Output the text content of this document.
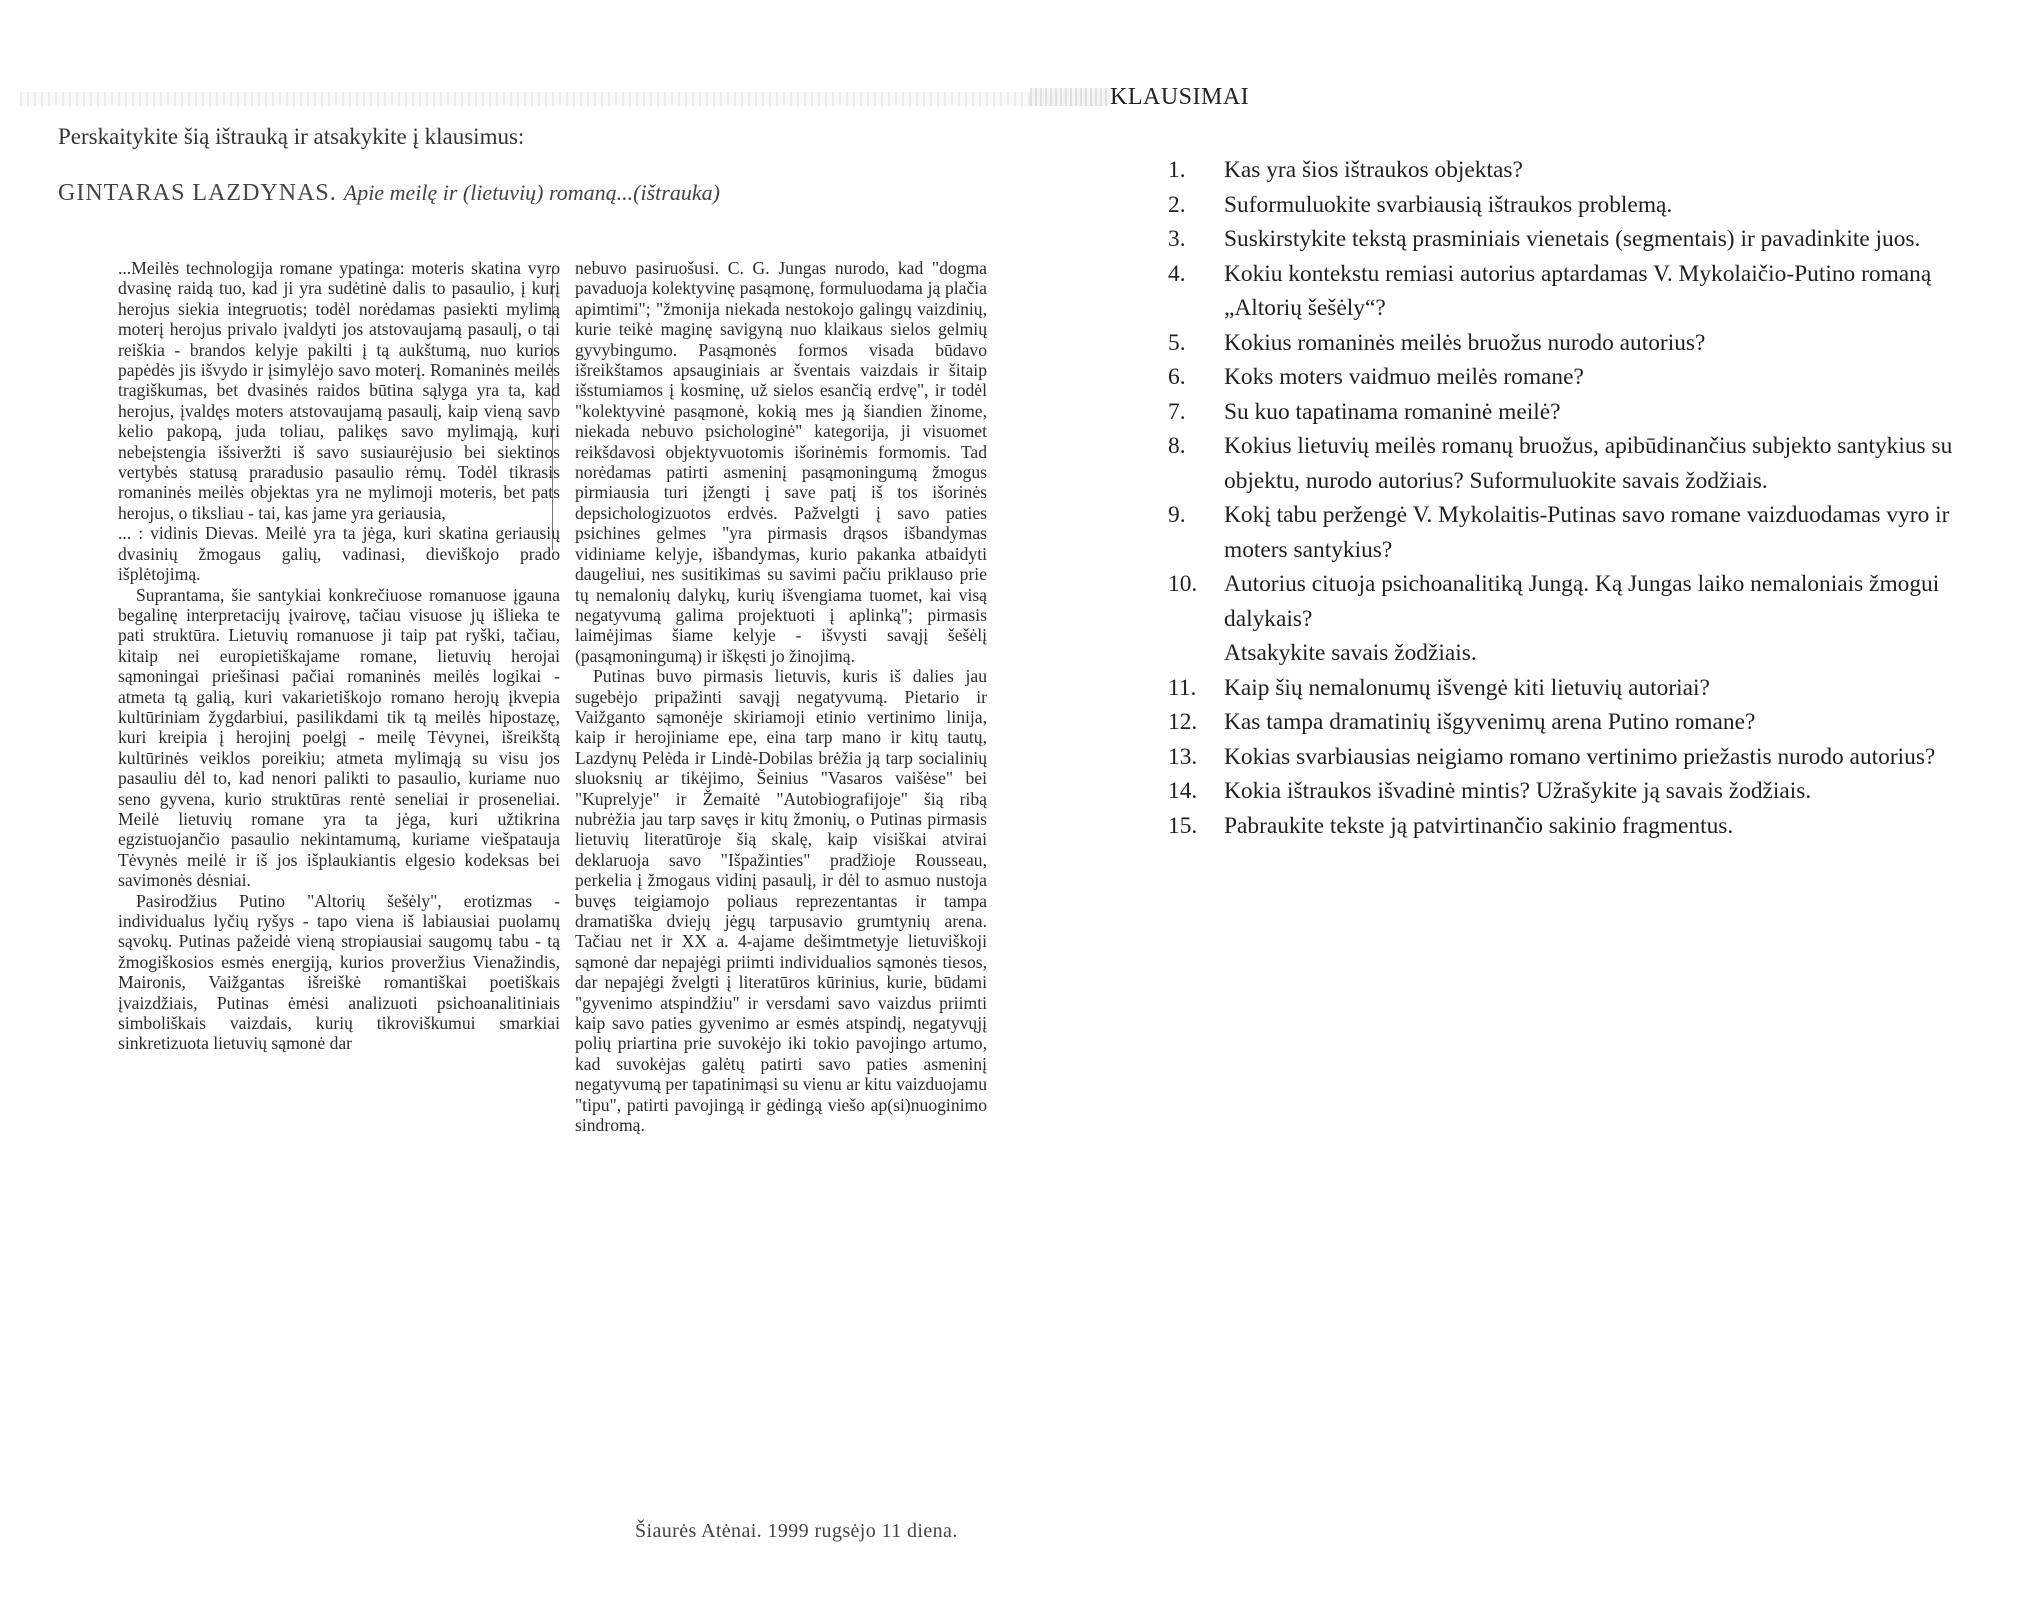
Perskaitykite šią ištrauką ir atsakykite į klausimus:
GINTARAS LAZDYNAS. Apie meilę ir (lietuvių) romaną...(ištrauka)

...Meilės technologija romane ypatinga: moteris skatina vyro dvasinę raidą tuo, kad ji yra sudėtinė dalis to pasaulio, į kurį herojus siekia integruotis; todėl norėdamas pasiekti mylimą moterį herojus privalo įvaldyti jos atstovaujamą pasaulį, o tai reiškia - brandos kelyje pakilti į tą aukštumą, nuo kurios papėdės jis išvydo ir įsimylėjo savo moterį. Romaninės meilės tragiškumas, bet dvasinės raidos būtina sąlyga yra ta, kad herojus, įvaldęs moters atstovaujamą pasaulį, kaip vieną savo kelio pakopą, juda toliau, palikęs savo mylimąją, kuri nebeįstengia išsiveržti iš savo susiaurėjusio bei siektinos vertybės statusą praradusio pasaulio rėmų. Todėl tikrasis romaninės meilės objektas yra ne mylimoji moteris, bet pats herojus, o tiksliau - tai, kas jame yra geriausia,

... : vidinis Dievas. Meilė yra ta jėga, kuri skatina geriausių dvasinių žmogaus galių, vadinasi, dieviškojo prado išplėtojimą.

Suprantama, šie santykiai konkrečiuose romanuose įgauna begalinę interpretacijų įvairovę, tačiau visuose jų išlieka te pati struktūra. Lietuvių romanuose ji taip pat ryški, tačiau, kitaip nei europietiškajame romane, lietuvių herojai sąmoningai priešinasi pačiai romaninės meilės logikai - atmeta tą galią, kuri vakarietiškojo romano herojų įkvepia kultūriniam žygdarbiui, pasilikdami tik tą meilės hipostazę, kuri kreipia į herojinį poelgį - meilę Tėvynei, išreikštą kultūrinės veiklos poreikiu; atmeta mylimąją su visu jos pasauliu dėl to, kad nenori palikti to pasaulio, kuriame nuo seno gyvena, kurio struktūras rentė seneliai ir proseneliai. Meilė lietuvių romane yra ta jėga, kuri užtikrina egzistuojančio pasaulio nekintamumą, kuriame viešpatauja Tėvynės meilė ir iš jos išplaukiantis elgesio kodeksas bei savimonės dėsniai.

Pasirodžius Putino "Altorių šešėly", erotizmas - individualus lyčių ryšys - tapo viena iš labiausiai puolamų sąvokų. Putinas pažeidė vieną stropiausiai saugomų tabu - tą žmogiškosios esmės energiją, kurios proveržius Vienažindis, Maironis, Vaižgantas išreiškė romantiškai poetiškais įvaizdžiais, Putinas ėmėsi analizuoti psichoanalitiniais simboliškais vaizdais, kurių tikroviškumui smarkiai sinkretizuota lietuvių sąmonė dar

nebuvo pasiruošusi. C. G. Jungas nurodo, kad "dogma pavaduoja kolektyvinę pasąmonę, formuluodama ją plačia apimtimi"; "žmonija niekada nestokojo galingų vaizdinių, kurie teikė maginę savigyną nuo klaikaus sielos gelmių gyvybingumo. Pasąmonės formos visada būdavo išreikštamos apsauginiais ar šventais vaizdais ir šitaip išstumiamos į kosminę, už sielos esančią erdvę", ir todėl "kolektyvinė pasąmonė, kokią mes ją šiandien žinome, niekada nebuvo psichologinė" kategorija, ji visuomet reikšdavosi objektyvuotomis išorinėmis formomis. Tad norėdamas patirti asmeninį pasąmoningumą žmogus pirmiausia turi įžengti į save patį iš tos išorinės depsichologizuotos erdvės. Pažvelgti į savo paties psichines gelmes "yra pirmasis drąsos išbandymas vidiniame kelyje, išbandymas, kurio pakanka atbaidyti daugeliui, nes susitikimas su savimi pačiu priklauso prie tų nemalonių dalykų, kurių išvengiama tuomet, kai visą negatyvumą galima projektuoti į aplinką"; pirmasis laimėjimas šiame kelyje - išvysti savąjį šešėlį (pasąmoningumą) ir iškęsti jo žinojimą.

Putinas buvo pirmasis lietuvis, kuris iš dalies jau sugebėjo pripažinti savąjį negatyvumą. Pietario ir Vaižganto sąmonėje skiriamoji etinio vertinimo linija, kaip ir herojiniame epe, eina tarp mano ir kitų tautų, Lazdynų Pelėda ir Lindė-Dobilas brėžia ją tarp socialinių sluoksnių ar tikėjimo, Šeinius "Vasaros vaišėse" bei "Kuprelyje" ir Žemaitė "Autobiografijoje" šią ribą nubrėžia jau tarp savęs ir kitų žmonių, o Putinas pirmasis lietuvių literatūroje šią skalę, kaip visiškai atvirai deklaruoja savo "Išpažinties" pradžioje Rousseau, perkelia į žmogaus vidinį pasaulį, ir dėl to asmuo nustoja buvęs teigiamojo poliaus reprezentantas ir tampa dramatiška dviejų jėgų tarpusavio grumtynių arena. Tačiau net ir XX a. 4-ajame dešimtmetyje lietuviškoji sąmonė dar nepajėgi priimti individualios sąmonės tiesos, dar nepajėgi žvelgti į literatūros kūrinius, kurie, būdami "gyvenimo atspindžiu" ir versdami savo vaizdus priimti kaip savo paties gyvenimo ar esmės atspindį, negatyvųjį polių priartina prie suvokėjo iki tokio pavojingo artumo, kad suvokėjas galėtų patirti savo paties asmeninį negatyvumą per tapatinimąsi su vienu ar kitu vaizduojamu "tipu", patirti pavojingą ir gėdingą viešo ap(si)nuoginimo sindromą.

Šiaurės Atėnai. 1999 rugsėjo 11 diena.
KLAUSIMAI
1.	Kas yra šios ištraukos objektas?
2.	Suformuluokite svarbiausią ištraukos problemą.
3.	Suskirstykite tekstą prasminiais vienetais (segmentais) ir pavadinkite juos.
4.	Kokiu kontekstu remiasi autorius aptardamas V. Mykolaičio-Putino romaną „Altorių šešėly“?
5.	Kokius romaninės meilės bruožus nurodo autorius?
6.	Koks moters vaidmuo meilės romane?
7.	Su kuo tapatinama romaninė meilė?
8.	Kokius lietuvių meilės romanų bruožus, apibūdinančius subjekto santykius su objektu, nurodo autorius? Suformuluokite savais žodžiais.
9.	Kokį tabu peržengė V. Mykolaitis-Putinas savo romane vaizduodamas vyro ir moters santykius?
10.	Autorius cituoja psichoanalitiką Jungą. Ką Jungas laiko nemaloniais žmogui dalykais?
Atsakykite savais žodžiais.
11.	Kaip šių nemalonumų išvengė kiti lietuvių autoriai?
12.	Kas tampa dramatinių išgyvenimų arena Putino romane?
13.	Kokias svarbiausias neigiamo romano vertinimo priežastis nurodo autorius?
14.	Kokia ištraukos išvadinė mintis? Užrašykite ją savais žodžiais.
15.	Pabraukite tekste ją patvirtinančio sakinio fragmentus.
